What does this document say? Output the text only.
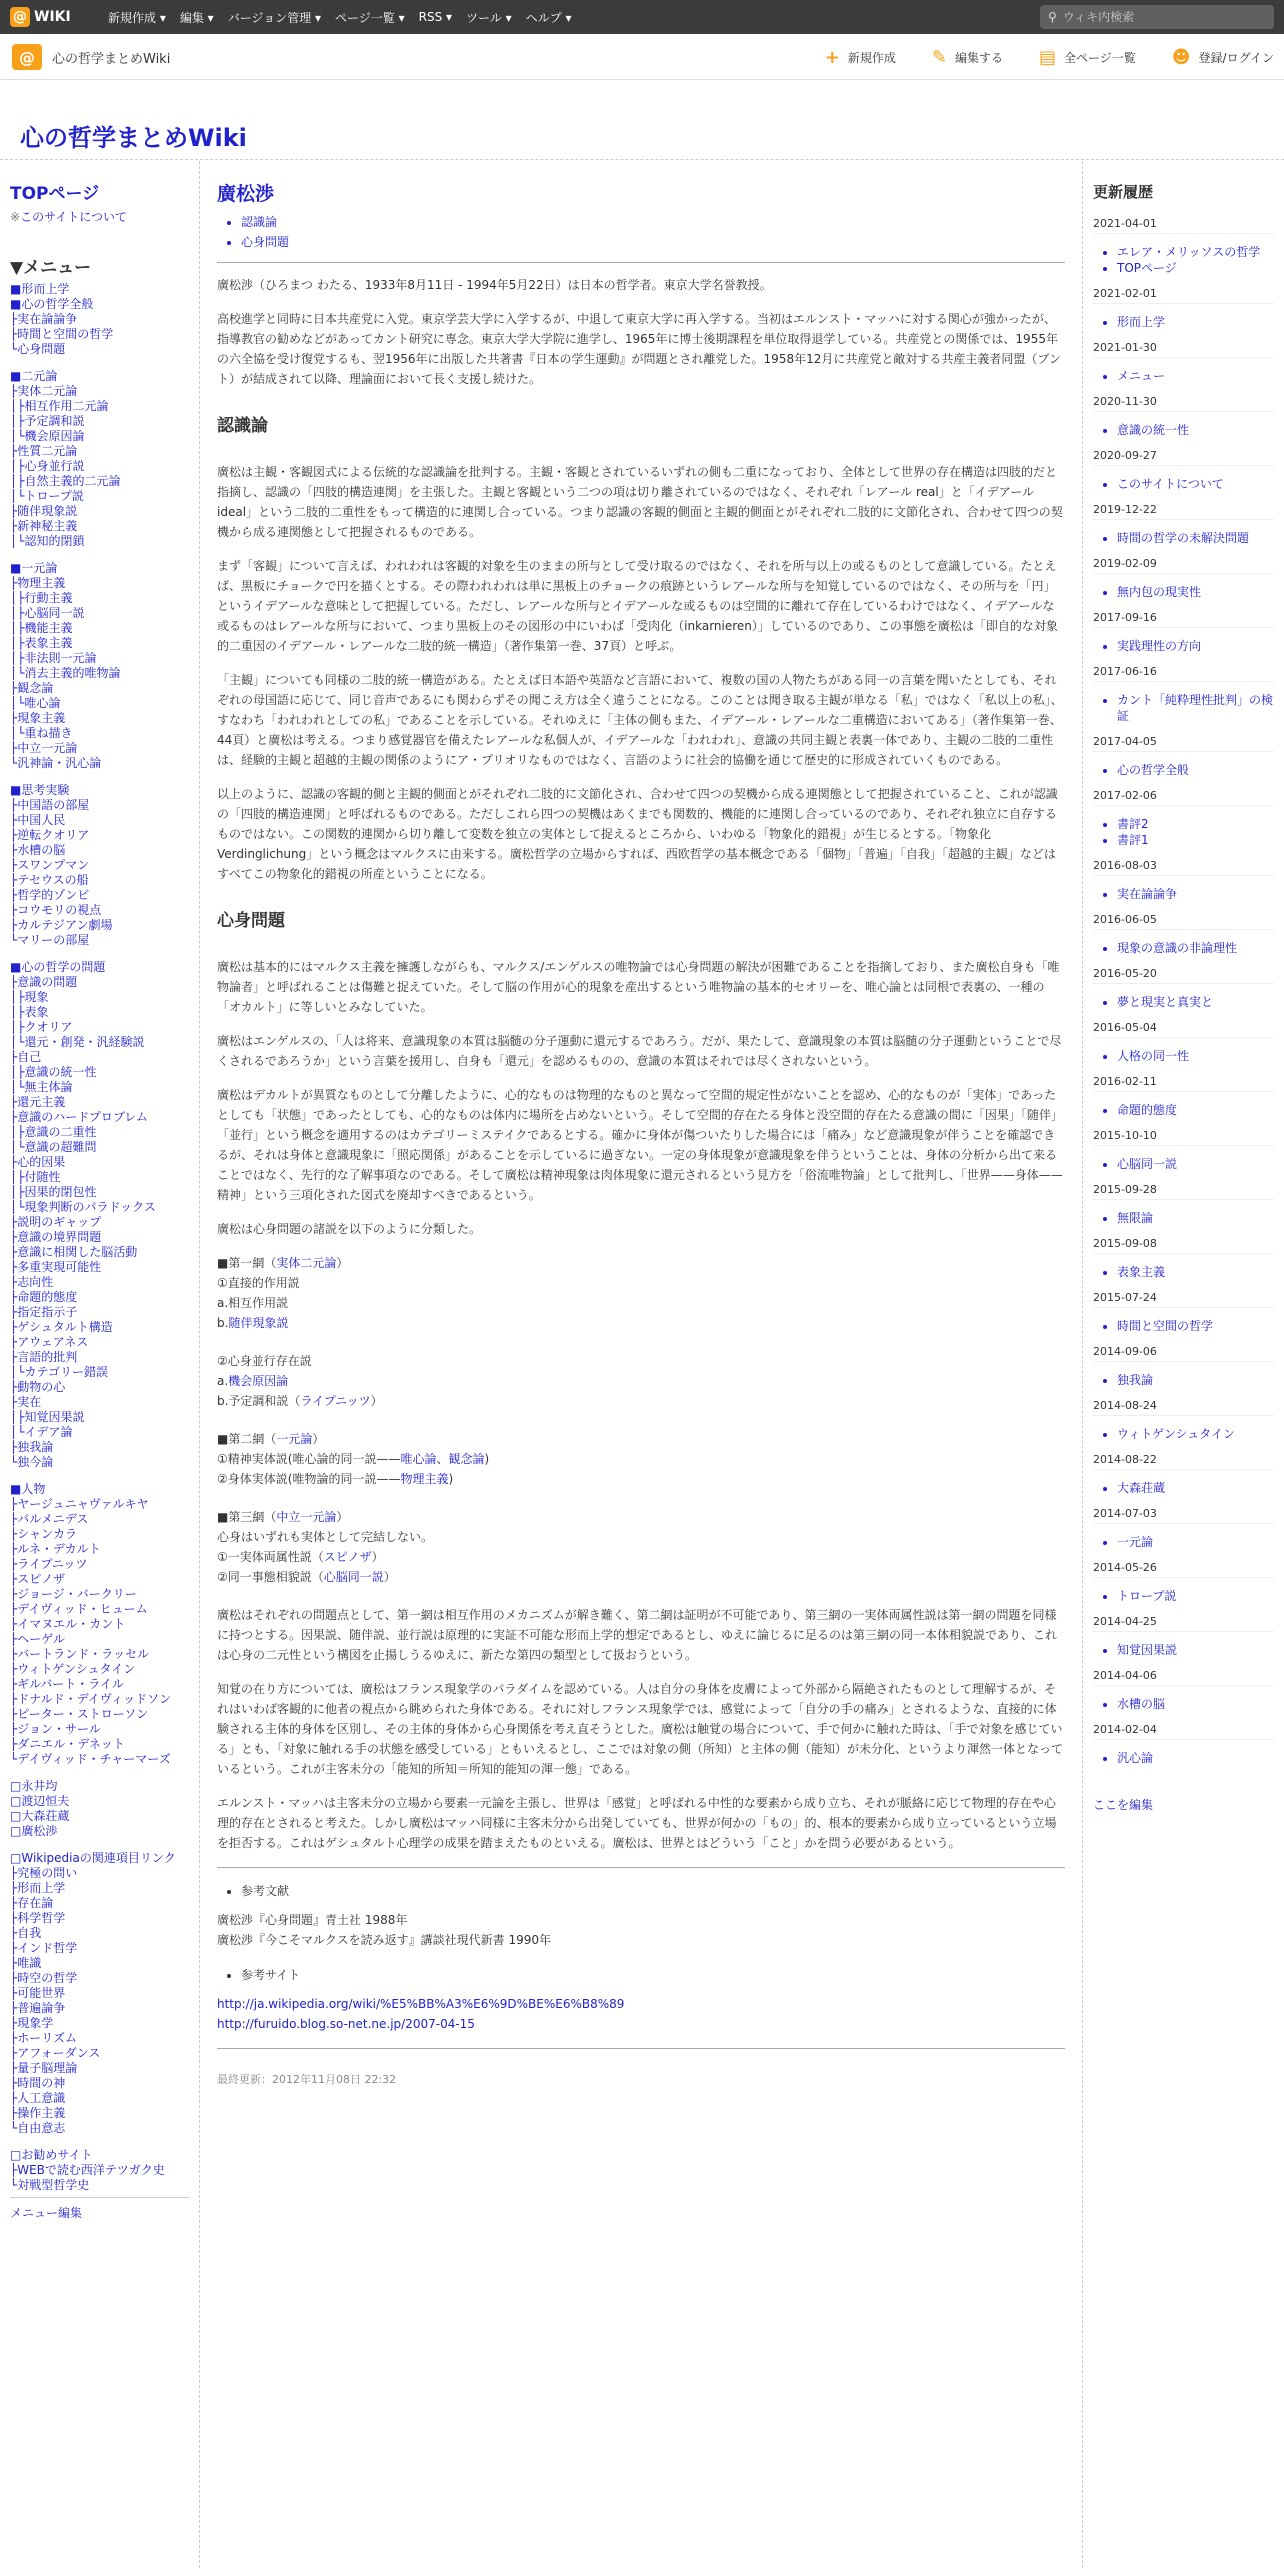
@ WIKI	新規作成 ▾ 編集 ▾ バージョン管理 ▾ ページ一覧 ▾ RSS ▾ ツール ▾ ヘルプ ▾	⚲
ウィキ内検索
@	心の哲学まとめWiki	+ 新規作成 ✎ 編集する ▤ 全ページ一覧 ☻ 登録/ログイン
心の哲学まとめWiki
TOPページ
※このサイトについて
▼メニュー
■形而上学
■心の哲学全般
├実在論論争
├時間と空間の哲学
└心身問題
■二元論
├実体二元論
│├相互作用二元論
│├予定調和説
│└機会原因論
├性質二元論
│├心身並行説
│├自然主義的二元論
│└トロープ説
├随伴現象説
├新神秘主義
│└認知的閉鎖
■一元論
├物理主義
│├行動主義
│├心脳同一説
│├機能主義
│├表象主義
│├非法則一元論
│└消去主義的唯物論
├観念論
│└唯心論
├現象主義
│└重ね描き
├中立一元論
└汎神論・汎心論
■思考実験
├中国語の部屋
├中国人民
├逆転クオリア
├水槽の脳
├スワンプマン
├テセウスの船
├哲学的ゾンビ
├コウモリの視点
├カルテジアン劇場
└マリーの部屋
■心の哲学の問題
├意識の問題
│├現象
│├表象
│├クオリア
│└還元・創発・汎経験説
├自己
│├意識の統一性
│└無主体論
├還元主義
├意識のハードプロブレム
│├意識の二重性
│└意識の超難問
├心的因果
│├付随性
│├因果的閉包性
│└現象判断のパラドックス
├説明のギャップ
├意識の境界問題
├意識に相関した脳活動
├多重実現可能性
├志向性
├命題的態度
├指定指示子
├ゲシュタルト構造
├アウェアネス
├言語的批判
│└カテゴリー錯誤
├動物の心
├実在
│├知覚因果説
│└イデア論
├独我論
└独今論
■人物
├ヤージュニャヴァルキヤ
├パルメニデス
├シャンカラ
├ルネ・デカルト
├ライプニッツ
├スピノザ
├ジョージ・バークリー
├デイヴィッド・ヒューム
├イマヌエル・カント
├ヘーゲル
├バートランド・ラッセル
├ウィトゲンシュタイン
├ギルバート・ライル
├ドナルド・デイヴィッドソン
├ピーター・ストローソン
├ジョン・サール
├ダニエル・デネット
└デイヴィッド・チャーマーズ
□永井均
□渡辺恒夫
□大森荘蔵
□廣松渉
□Wikipediaの関連項目リンク
├究極の問い
├形而上学
├存在論
├科学哲学
├自我
├インド哲学
├唯識
├時空の哲学
├可能世界
├普遍論争
├現象学
├ホーリズム
├アフォーダンス
├量子脳理論
├時間の神
├人工意識
├操作主義
└自由意志
□お勧めサイト
├WEBで読む西洋テツガク史
└対戦型哲学史
メニュー編集
廣松渉
• 認識論
• 心身問題

廣松渉（ひろまつ わたる、1933年8月11日 - 1994年5月22日）は日本の哲学者。東京大学名誉教授。

高校進学と同時に日本共産党に入党。東京学芸大学に入学するが、中退して東京大学に再入学する。当初はエルンスト・マッハに対する関心が強かったが、指導教官の勧めなどがあってカント研究に専念。東京大学大学院に進学し、1965年に博士後期課程を単位取得退学している。共産党との関係では、1955年の六全協を受け復党するも、翌1956年に出版した共著書『日本の学生運動』が問題とされ離党した。1958年12月に共産党と敵対する共産主義者同盟（ブント）が結成されて以降、理論面において長く支援し続けた。

認識論

廣松は主観・客観図式による伝統的な認識論を批判する。主観・客観とされているいずれの側も二重になっており、全体として世界の存在構造は四肢的だと指摘し、認識の「四肢的構造連関」を主張した。主観と客観という二つの項は切り離されているのではなく、それぞれ「レアール real」と「イデアール ideal」という二肢的二重性をもって構造的に連関し合っている。つまり認識の客観的側面と主観的側面とがそれぞれ二肢的に文節化され、合わせて四つの契機から成る連関態として把握されるものである。

まず「客観」について言えば、われわれは客観的対象を生のままの所与として受け取るのではなく、それを所与以上の或るものとして意識している。たとえば、黒板にチョークで円を描くとする。その際われわれは単に黒板上のチョークの痕跡というレアールな所与を知覚しているのではなく、その所与を「円」というイデアールな意味として把握している。ただし、レアールな所与とイデアールな或るものは空間的に離れて存在しているわけではなく、イデアールな或るものはレアールな所与において、つまり黒板上のその図形の中にいわば「受肉化（inkarnieren）」しているのであり、この事態を廣松は「即自的な対象的二重因のイデアール・レアールな二肢的統一構造」（著作集第一巻、37頁）と呼ぶ。

「主観」についても同様の二肢的統一構造がある。たとえば日本語や英語など言語において、複数の国の人物たちがある同一の言葉を聞いたとしても、それぞれの母国語に応じて、同じ音声であるにも関わらずその聞こえ方は全く違うことになる。このことは聞き取る主観が単なる「私」ではなく「私以上の私」、すなわち「われわれとしての私」であることを示している。それゆえに「主体の側もまた、イデアール・レアールな二重構造においてある」（著作集第一巻、44頁）と廣松は考える。つまり感覚器官を備えたレアールな私個人が、イデアールな「われわれ」、意識の共同主観と表裏一体であり、主観の二肢的二重性は、経験的主観と超越的主観の関係のようにア・プリオリなものではなく、言語のように社会的協働を通じて歴史的に形成されていくものである。

以上のように、認識の客観的側と主観的側面とがそれぞれ二肢的に文節化され、合わせて四つの契機から成る連関態として把握されていること、これが認識の「四肢的構造連関」と呼ばれるものである。ただしこれら四つの契機はあくまでも関数的、機能的に連関し合っているのであり、それぞれ独立に自存するものではない。この関数的連関から切り離して変数を独立の実体として捉えるところから、いわゆる「物象化的錯視」が生じるとする。「物象化 Verdinglichung」という概念はマルクスに由来する。廣松哲学の立場からすれば、西欧哲学の基本概念である「個物」「普遍」「自我」「超越的主観」などはすべてこの物象化的錯視の所産ということになる。

心身問題

廣松は基本的にはマルクス主義を擁護しながらも、マルクス/エンゲルスの唯物論では心身問題の解決が困難であることを指摘しており、また廣松自身も「唯物論者」と呼ばれることは傷難と捉えていた。そして脳の作用が心的現象を産出するという唯物論の基本的セオリーを、唯心論とは同根で表裏の、一種の「オカルト」に等しいとみなしていた。

廣松はエンゲルスの、「人は将来、意識現象の本質は脳髄の分子運動に還元するであろう。だが、果たして、意識現象の本質は脳髄の分子運動ということで尽くされるであろうか」という言葉を援用し、自身も「還元」を認めるものの、意識の本質はそれでは尽くされないという。

廣松はデカルトが異質なものとして分離したように、心的なものは物理的なものと異なって空間的規定性がないことを認め、心的なものが「実体」であったとしても「状態」であったとしても、心的なものは体内に場所を占めないという。そして空間的存在たる身体と没空間的存在たる意識の間に「因果」「随伴」「並行」という概念を適用するのはカテゴリーミステイクであるとする。確かに身体が傷ついたりした場合には「痛み」など意識現象が伴うことを確認できるが、それは身体と意識現象に「照応関係」があることを示しているに過ぎない。一定の身体現象が意識現象を伴うということは、身体の分析から出て来ることではなく、先行的な了解事項なのである。そして廣松は精神現象は肉体現象に還元されるという見方を「俗流唯物論」として批判し、「世界——身体——精神」という三項化された図式を廃却すべきであるという。

廣松は心身問題の諸説を以下のように分類した。

■第一網（実体二元論）
①直接的作用説
a.相互作用説
b.随伴現象説
②心身並行存在説
a.機会原因論
b.予定調和説（ライプニッツ）
■第二網（一元論）
①精神実体説(唯心論的同一説——唯心論、観念論)
②身体実体説(唯物論的同一説——物理主義)
■第三網（中立一元論）
心身はいずれも実体として完結しない。
①一実体両属性説（スピノザ）
②同一事態相貌説（心脳同一説）

廣松はそれぞれの問題点として、第一網は相互作用のメカニズムが解き難く、第二網は証明が不可能であり、第三網の一実体両属性説は第一網の問題を同様に持つとする。因果説、随伴説、並行説は原理的に実証不可能な形而上学的想定であるとし、ゆえに論じるに足るのは第三網の同一本体相貌説であり、これは心身の二元性という構図を止揚しうるゆえに、新たな第四の類型として扱おうという。

知覚の在り方については、廣松はフランス現象学のパラダイムを認めている。人は自分の身体を皮膚によって外部から隔絶されたものとして理解するが、それはいわば客観的に他者の視点から眺められた身体である。それに対しフランス現象学では、感覚によって「自分の手の痛み」とされるような、直接的に体験される主体的身体を区別し、その主体的身体から心身関係を考え直そうとした。廣松は触覚の場合について、手で何かに触れた時は、「手で対象を感じている」とも、「対象に触れる手の状態を感受している」ともいえるとし、ここでは対象の側（所知）と主体の側（能知）が未分化、というより渾然一体となっているという。これが主客未分の「能知的所知＝所知的能知の渾一態」である。

エルンスト・マッハは主客未分の立場から要素一元論を主張し、世界は「感覚」と呼ばれる中性的な要素から成り立ち、それが脈絡に応じて物理的存在や心理的存在とされると考えた。しかし廣松はマッハ同様に主客未分から出発していても、世界が何かの「もの」的、根本的要素から成り立っているという立場を拒否する。これはゲシュタルト心理学の成果を踏まえたものといえる。廣松は、世界とはどういう「こと」かを問う必要があるという。

• 参考文献

廣松渉『心身問題』青土社 1988年

廣松渉『今こそマルクスを読み返す』講談社現代新書 1990年

• 参考サイト

http://ja.wikipedia.org/wiki/%E5%BB%A3%E6%9D%BE%E6%B8%89

http://furuido.blog.so-net.ne.jp/2007-04-15

最終更新：2012年11月08日 22:32
更新履歴
2021-04-01
• エレア・メリッソスの哲学
• TOPページ
2021-02-01
• 形而上学
2021-01-30
• メニュー
2020-11-30
• 意識の統一性
2020-09-27
• このサイトについて
2019-12-22
• 時間の哲学の未解決問題
2019-02-09
• 無内包の現実性
2017-09-16
• 実践理性の方向
2017-06-16
• カント「純粋理性批判」の検証
2017-04-05
• 心の哲学全般
2017-02-06
• 書評2
• 書評1
2016-08-03
• 実在論論争
2016-06-05
• 現象の意識の非論理性
2016-05-20
• 夢と現実と真実と
2016-05-04
• 人格の同一性
2016-02-11
• 命題的態度
2015-10-10
• 心脳同一説
2015-09-28
• 無限論
2015-09-08
• 表象主義
2015-07-24
• 時間と空間の哲学
2014-09-06
• 独我論
2014-08-24
• ウィトゲンシュタイン
2014-08-22
• 大森荘蔵
2014-07-03
• 一元論
2014-05-26
• トロープ説
2014-04-25
• 知覚因果説
2014-04-06
• 水槽の脳
2014-02-04
• 汎心論
ここを編集
